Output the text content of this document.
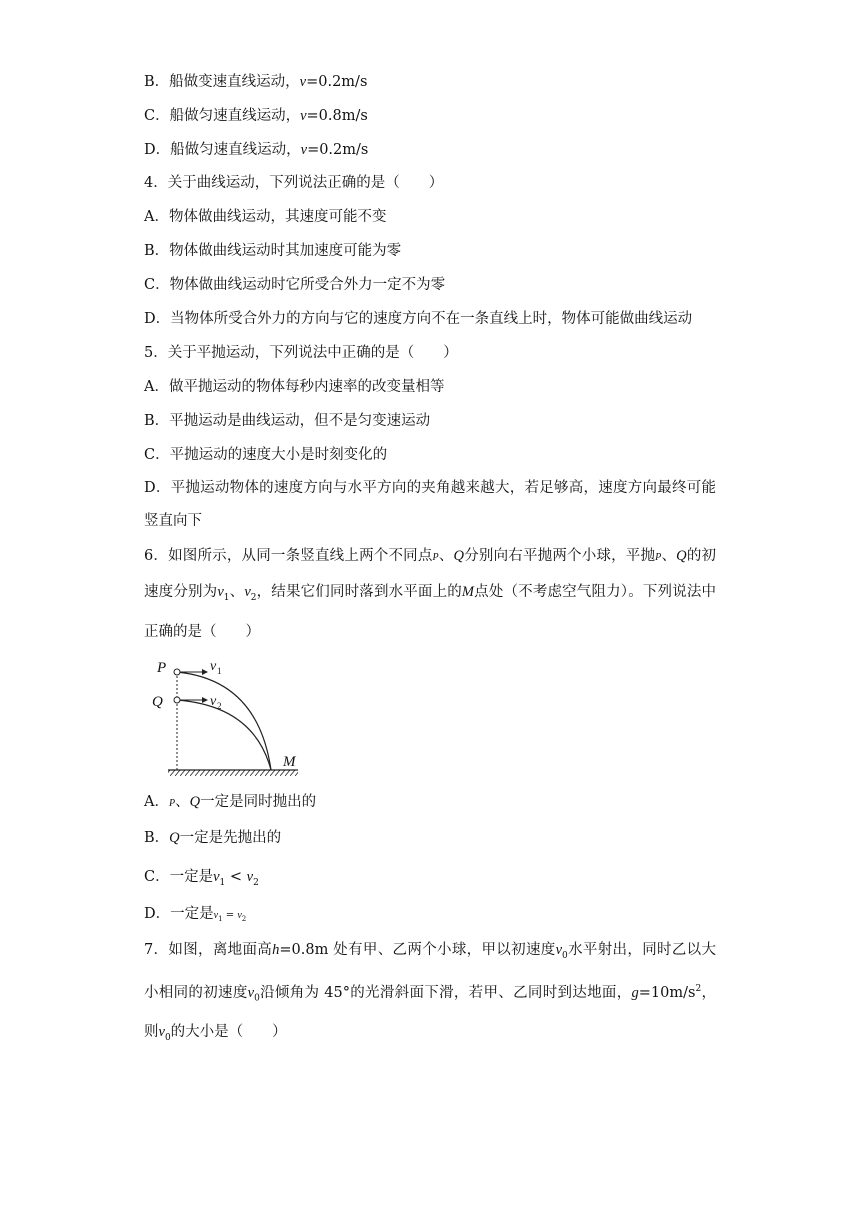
B．船做变速直线运动，v=0.2m/s
C．船做匀速直线运动，v=0.8m/s
D．船做匀速直线运动，v=0.2m/s
4．关于曲线运动，下列说法正确的是（　　）
A．物体做曲线运动，其速度可能不变
B．物体做曲线运动时其加速度可能为零
C．物体做曲线运动时它所受合外力一定不为零
D．当物体所受合外力的方向与它的速度方向不在一条直线上时，物体可能做曲线运动
5．关于平抛运动，下列说法中正确的是（　　）
A．做平抛运动的物体每秒内速率的改变量相等
B．平抛运动是曲线运动，但不是匀变速运动
C．平抛运动的速度大小是时刻变化的
D．平抛运动物体的速度方向与水平方向的夹角越来越大，若足够高，速度方向最终可能竖直向下
6．如图所示，从同一条竖直线上两个不同点P、Q分别向右平抛两个小球，平抛P、Q的初速度分别为$v_1$、$v_2$，结果它们同时落到水平面上的M点处（不考虑空气阻力）。下列说法中正确的是（　　）
P
Q
v 1
v 2
M
A．P、Q一定是同时抛出的
B．Q一定是先抛出的
C．一定是$v_1 < v_2$
D．一定是$v_1 = v_2$
7．如图，离地面高h=0.8m 处有甲、乙两个小球，甲以初速度$v_0$水平射出，同时乙以大小相同的初速度$v_0$沿倾角为 45°的光滑斜面下滑，若甲、乙同时到达地面，$g=10m/s^2$，则$v_0$的大小是（　　）
